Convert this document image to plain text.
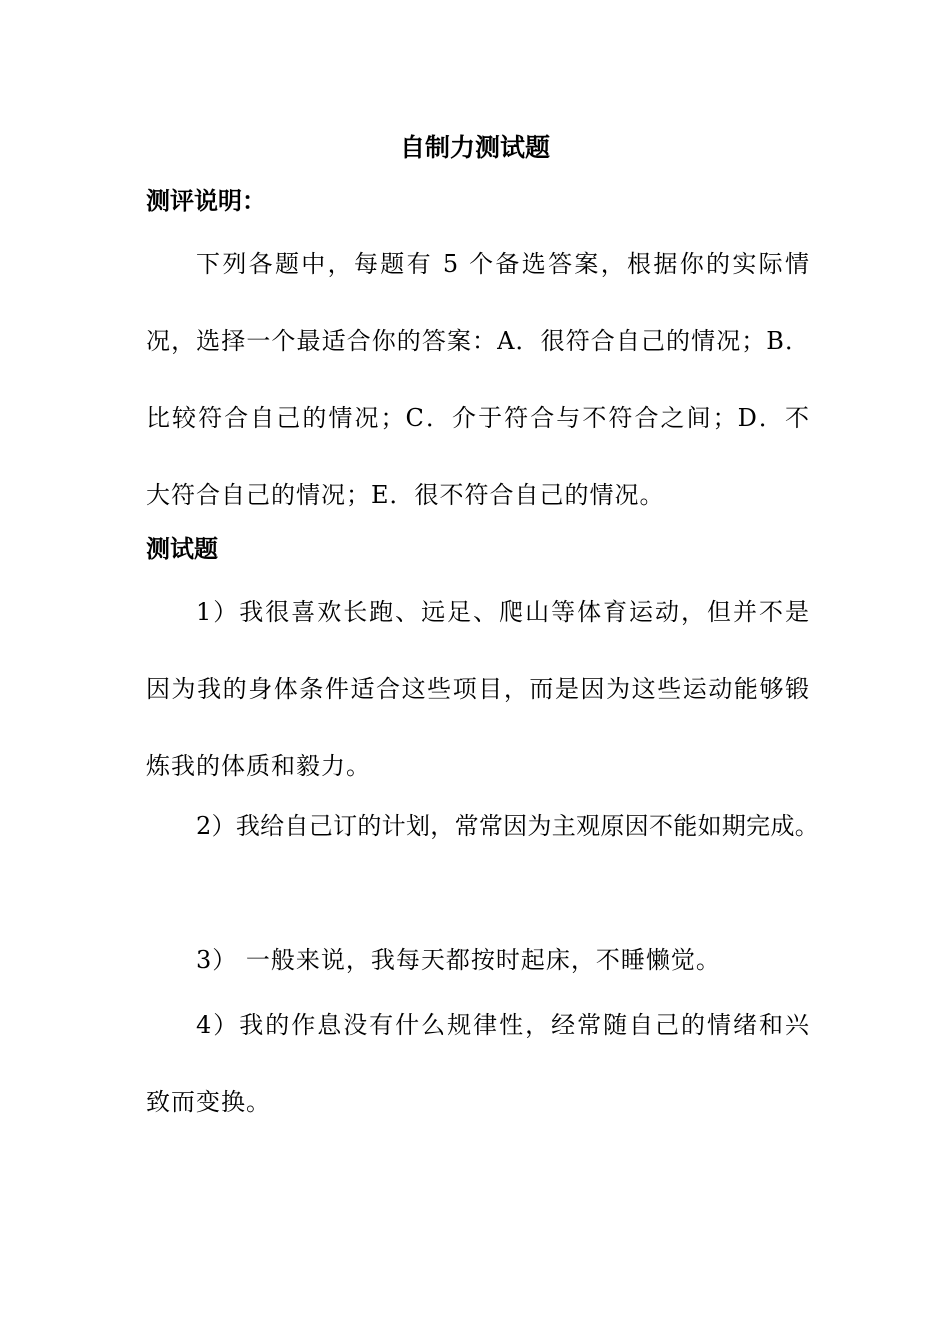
自制力测试题
测评说明：

下列各题中，每题有 5 个备选答案，根据你的实际情况，选择一个最适合你的答案：A．很符合自己的情况；B．比较符合自己的情况；C．介于符合与不符合之间；D．不大符合自己的情况；E．很不符合自己的情况。

测试题

1）我很喜欢长跑、远足、爬山等体育运动，但并不是因为我的身体条件适合这些项目，而是因为这些运动能够锻炼我的体质和毅力。

2）我给自己订的计划，常常因为主观原因不能如期完成。

3） 一般来说，我每天都按时起床，不睡懒觉。

4）我的作息没有什么规律性，经常随自己的情绪和兴致而变换。
